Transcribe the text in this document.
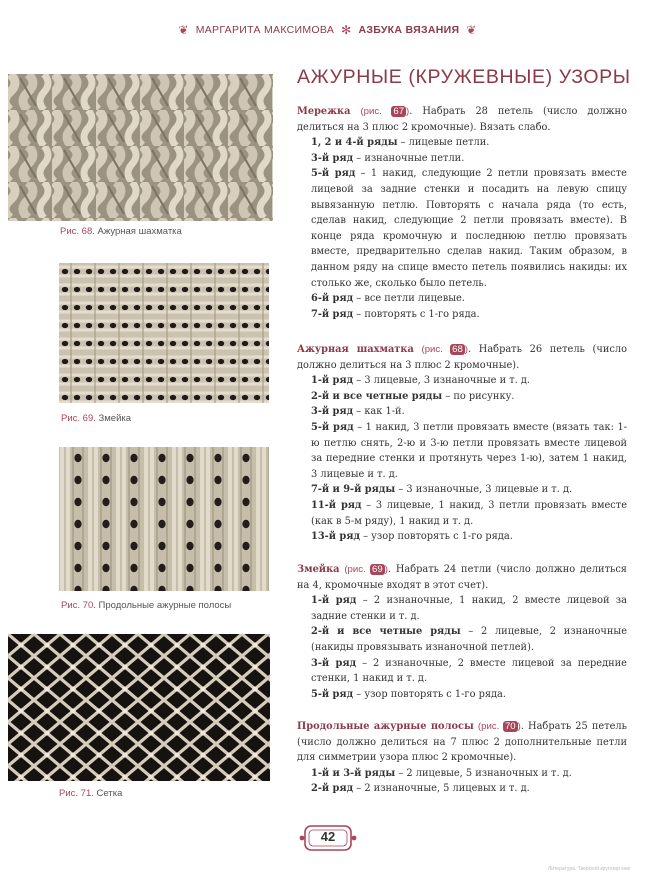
❦ МАРГАРИТА МАКСИМОВА ✻ АЗБУКА ВЯЗАНИЯ ❦
Рис. 68. Ажурная шахматка
Рис. 69. Змейка
Рис. 70. Продольные ажурные полосы
Рис. 71. Сетка
АЖУРНЫЕ (КРУЖЕВНЫЕ) УЗОРЫ

Мережка (рис. 67 ). Набрать 28 петель (число должно делиться на 3 плюс 2 кромочные). Вязать слабо.

1, 2 и 4-й ряды – лицевые петли.

3-й ряд – изнаночные петли.

5-й ряд – 1 накид, следующие 2 петли провязать вместе лицевой за задние стенки и посадить на левую спицу вывязанную петлю. Повторять с начала ряда (то есть, сделав накид, следующие 2 петли провязать вместе). В конце ряда кромочную и последнюю петлю провязать вместе, предварительно сделав накид. Таким образом, в данном ряду на спице вместо петель появились накиды: их столько же, сколько было петель.

6-й ряд – все петли лицевые.

7-й ряд – повторять с 1-го ряда.

Ажурная шахматка (рис. 68 ). Набрать 26 петель (число должно делиться на 3 плюс 2 кромочные).

1-й ряд – 3 лицевые, 3 изнаночные и т. д.

2-й и все четные ряды – по рисунку.

3-й ряд – как 1-й.

5-й ряд – 1 накид, 3 петли провязать вместе (вязать так: 1-ю петлю снять, 2-ю и 3-ю петли провязать вместе лицевой за передние стенки и протянуть через 1-ю), затем 1 накид, 3 лицевые и т. д.

7-й и 9-й ряды – 3 изнаночные, 3 лицевые и т. д.

11-й ряд – 3 лицевые, 1 накид, 3 петли провязать вместе (как в 5-м ряду), 1 накид и т. д.

13-й ряд – узор повторять с 1-го ряда.

Змейка (рис. 69 ). Набрать 24 петли (число должно делиться на 4, кромочные входят в этот счет).

1-й ряд – 2 изнаночные, 1 накид, 2 вместе лицевой за задние стенки и т. д.

2-й и все четные ряды – 2 лицевые, 2 изнаночные (накиды провязывать изнаночной петлей).

3-й ряд – 2 изнаночные, 2 вместе лицевой за передние стенки, 1 накид и т. д.

5-й ряд – узор повторять с 1-го ряда.

Продольные ажурные полосы (рис. 70 ). Набрать 25 петель (число должно делиться на 7 плюс 2 дополнительные петли для симметрии узора плюс 2 кромочные).

1-й и 3-й ряды – 2 лицевые, 5 изнаночных и т. д.

2-й ряд – 2 изнаночные, 5 лицевых и т. д.

42
Литература. Тверской кругозор книг
